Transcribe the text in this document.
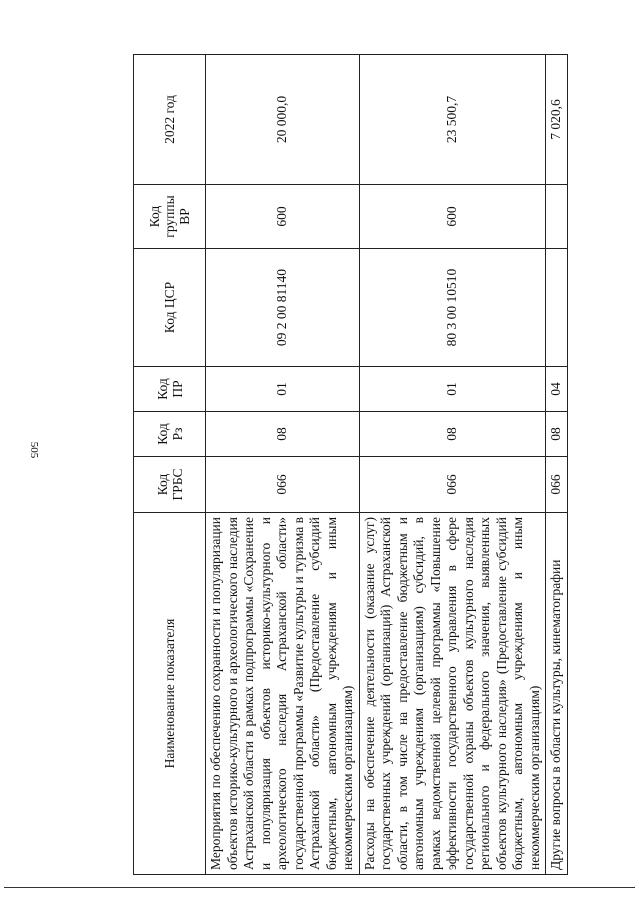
505
Наименование показателя	Код ГРБС	Код Рз	Код ПР	Код ЦСР	Код группы ВР	2022 год
Мероприятия по обеспечению сохранности и популяризации объектов историко-культурного и археологического наследия Астраханской области в рамках подпрограммы «Сохранение и популяризация объектов историко-культурного и археологического наследия Астраханской области» государственной программы «Развитие культуры и туризма в Астраханской области» (Предоставление субсидий бюджетным, автономным учреждениям и иным некоммерческим организациям)	066	08	01	09 2 00 81140	600	20 000,0
Расходы на обеспечение деятельности (оказание услуг) государственных учреждений (организаций) Астраханской области, в том числе на предоставление бюджетным и автономным учреждениям (организациям) субсидий, в рамках ведомственной целевой программы «Повышение эффективности государственного управления в сфере государственной охраны объектов культурного наследия регионального и федерального значения, выявленных объектов культурного наследия» (Предоставление субсидий бюджетным, автономным учреждениям и иным некоммерческим организациям)	066	08	01	80 3 00 10510	600	23 500,7
Другие вопросы в области культуры, кинематографии	066	08	04			7 020,6
